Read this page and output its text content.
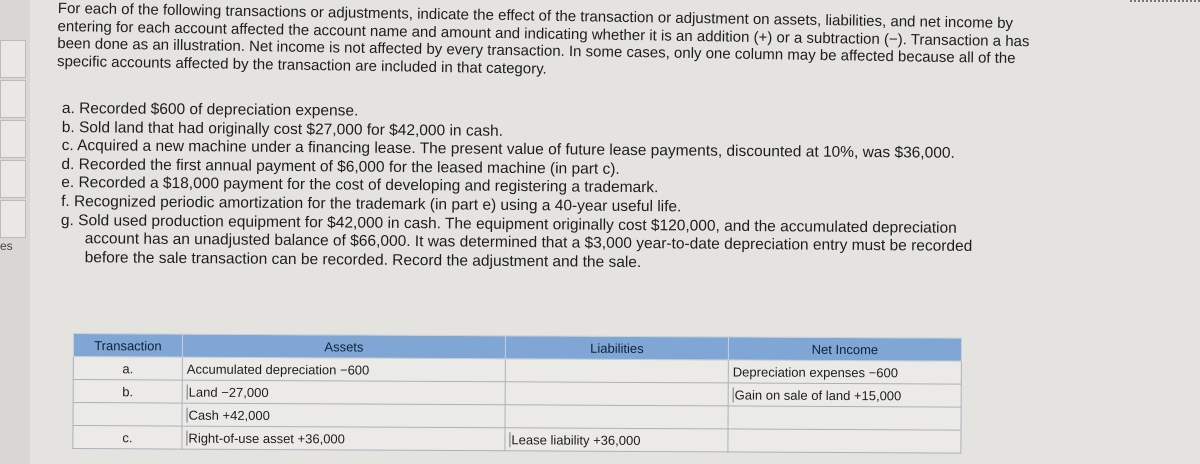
es
For each of the following transactions or adjustments, indicate the effect of the transaction or adjustment on assets, liabilities, and net income by entering for each account affected the account name and amount and indicating whether it is an addition (+) or a subtraction (−). Transaction a has been done as an illustration. Net income is not affected by every transaction. In some cases, only one column may be affected because all of the specific accounts affected by the transaction are included in that category.

a. Recorded $600 of depreciation expense.

b. Sold land that had originally cost $27,000 for $42,000 in cash.

c. Acquired a new machine under a financing lease. The present value of future lease payments, discounted at 10%, was $36,000.

d. Recorded the first annual payment of $6,000 for the leased machine (in part c).

e. Recorded a $18,000 payment for the cost of developing and registering a trademark.

f. Recognized periodic amortization for the trademark (in part e) using a 40-year useful life.

g. Sold used production equipment for $42,000 in cash. The equipment originally cost $120,000, and the accumulated depreciation

account has an unadjusted balance of $66,000. It was determined that a $3,000 year-to-date depreciation entry must be recorded

before the sale transaction can be recorded. Record the adjustment and the sale.

Transaction	Assets	Liabilities	Net Income
a.	Accumulated depreciation −600		Depreciation expenses −600
b.	Land −27,000		Gain on sale of land +15,000
	Cash +42,000		
c.	Right-of-use asset +36,000	Lease liability +36,000	
